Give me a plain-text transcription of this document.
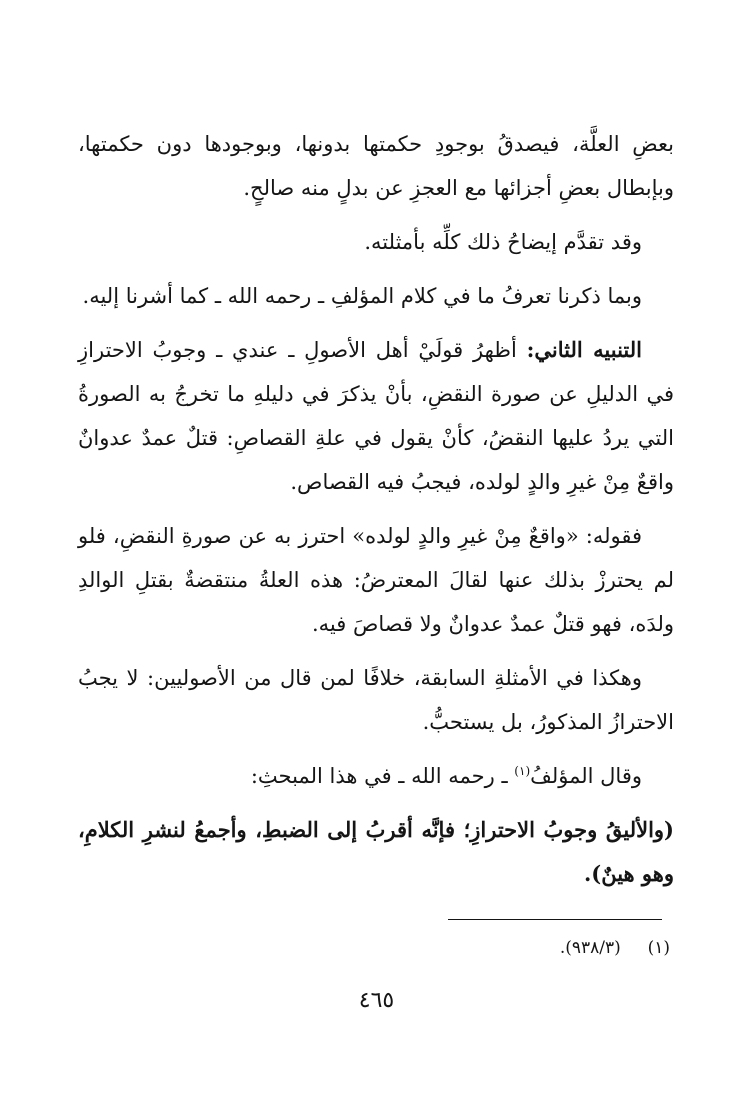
بعضِ العلَّة، فيصدقُ بوجودِ حكمتها بدونها، وبوجودها دون حكمتها، وبإبطال بعضِ أجزائها مع العجزِ عن بدلٍ منه صالحٍ.

وقد تقدَّم إيضاحُ ذلك كلِّه بأمثلته.

وبما ذكرنا تعرفُ ما في كلام المؤلفِ ـ رحمه الله ـ كما أشرنا إليه.

التنبيه الثاني: أظهرُ قولَيْ أهل الأصولِ ـ عندي ـ وجوبُ الاحترازِ في الدليلِ عن صورة النقضِ، بأنْ يذكرَ في دليلهِ ما تخرجُ به الصورةُ التي يردُ عليها النقضُ، كأنْ يقول في علةِ القصاصِ: قتلٌ عمدٌ عدوانٌ واقعٌ مِنْ غيرِ والدٍ لولده، فيجبُ فيه القصاص.

فقوله: «واقعٌ مِنْ غيرِ والدٍ لولده» احترز به عن صورةِ النقضِ، فلو لم يحترزْ بذلك عنها لقالَ المعترضُ: هذه العلةُ منتقضةٌ بقتلِ الوالدِ ولدَه، فهو قتلٌ عمدٌ عدوانٌ ولا قصاصَ فيه.

وهكذا في الأمثلةِ السابقة، خلافًا لمن قال من الأصوليين: لا يجبُ الاحترازُ المذكورُ، بل يستحبُّ.

وقال المؤلفُ$^{(١)}$ ـ رحمه الله ـ في هذا المبحثِ:

(والأليقُ وجوبُ الاحترازِ؛ فإنَّه أقربُ إلى الضبطِ، وأجمعُ لنشرِ الكلامِ، وهو هينٌ).

(١)  (٩٣٨/٣).
٤٦٥
